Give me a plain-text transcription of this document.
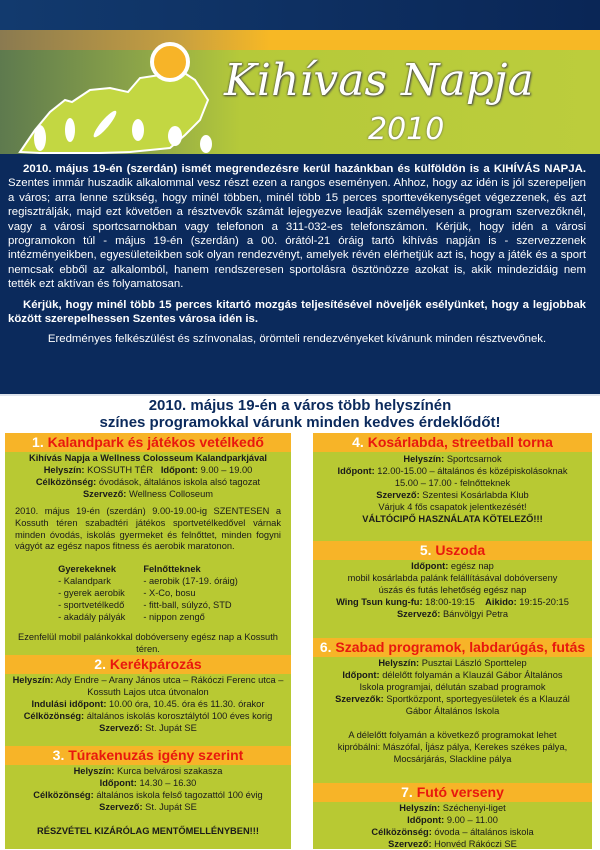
Kihívas Napja
2010

2010. május 19-én (szerdán) ismét megrendezésre kerül hazánkban és külföldön is a KIHÍVÁS NAPJA. Szentes immár huszadik alkalommal vesz részt ezen a rangos eseményen. Ahhoz, hogy az idén is jól szerepeljen a város; arra lenne szükség, hogy minél többen, minél több 15 perces sporttevékenységet végezzenek, és azt regisztrálják, majd ezt követően a résztvevők számát lejegyezve leadják személyesen a program szervezőknél, vagy a városi sportcsarnokban vagy telefonon a 311-032-es telefonszámon. Kérjük, hogy idén a városi programokon túl - május 19-én (szerdán) a 00. órától-21 óráig tartó kihívás napján is - szervezzenek intézményeikben, egyesületeikben sok olyan rendezvényt, amelyek révén elérhetjük azt is, hogy a játék és a sport nemcsak ebből az alkalomból, hanem rendszeresen sportolásra ösztönözze azokat is, akik mindezidáig nem tették ezt aktívan és folyamatosan.

Kérjük, hogy minél több 15 perces kitartó mozgás teljesítésével növeljék esélyünket, hogy a legjobbak között szerepelhessen Szentes városa idén is.

Eredményes felkészülést és színvonalas, örömteli rendezvényeket kívánunk minden résztvevőnek.

2010. május 19-én a város több helyszínén
színes programokkal várunk minden kedves érdeklődőt!
1. Kalandpark és játékos vetélkedő
Kihívás Napja a Wellness Colosseum Kalandparkjával
Helyszín: KOSSUTH TÉR Időpont: 9.00 – 19.00
Célközönség: óvodások, általános iskola alsó tagozat
Szervező: Wellness Colloseum
2010. május 19-én (szerdán) 9.00-19.00-ig SZENTESEN a Kossuth téren szabadtéri játékos sportvetélkedővel várnak minden óvodás, iskolás gyermeket és felnőttet, minden fogyni vágyót az egész napos fitness és aerobik maratonon.
Gyerekeknek
- Kalandpark
- gyerek aerobik
- sportvetélkedő
- akadály pályák
Felnőtteknek
- aerobik (17-19. óráig)
- X-Co, bosu
- fitt-ball, súlyzó, STD
- nippon zengő
Ezenfelül mobil palánkokkal dobóverseny egész nap a Kossuth téren.
2. Kerékpározás
Helyszín: Ady Endre – Arany János utca – Rákóczi Ferenc utca – Kossuth Lajos utca útvonalon
Indulási időpont: 10.00 óra, 10.45. óra és 11.30. órakor
Célközönség: általános iskolás korosztálytól 100 éves korig
Szervező: St. Jupát SE
3. Túrakenuzás igény szerint
Helyszín: Kurca belvárosi szakasza
Időpont: 14.30 – 16.30
Célközönség: általános iskola felső tagozattól 100 évig
Szervező: St. Jupát SE
RÉSZVÉTEL KIZÁRÓLAG MENTŐMELLÉNYBEN!!!
4. Kosárlabda, streetball torna
Helyszín: Sportcsarnok
Időpont: 12.00-15.00 – általános és középiskolásoknak
15.00 – 17.00 - felnőtteknek
Szervező: Szentesi Kosárlabda Klub
Várjuk 4 fős csapatok jelentkezését!
VÁLTÓCIPŐ HASZNÁLATA KÖTELEZŐ!!!
5. Uszoda
Időpont: egész nap
mobil kosárlabda palánk felállításával dobóverseny
úszás és futás lehetőség egész nap
Wing Tsun kung-fu: 18:00-19:15 Aikido: 19:15-20:15
Szervező: Bánvölgyi Petra
6. Szabad programok, labdarúgás, futás
Helyszín: Pusztai László Sporttelep
Időpont: délelőtt folyamán a Klauzál Gábor Általános Iskola programjai, délután szabad programok
Szervezők: Sportközpont, sportegyesületek és a Klauzál Gábor Általános Iskola
A délelőtt folyamán a következő programokat lehet kipróbálni: Mászófal, Íjász pálya, Kerekes székes pálya, Mocsárjárás, Slackline pálya
7. Futó verseny
Helyszín: Széchenyi-liget
Időpont: 9.00 – 11.00
Célközönség: óvoda – általános iskola
Szervező: Honvéd Rákóczi SE
